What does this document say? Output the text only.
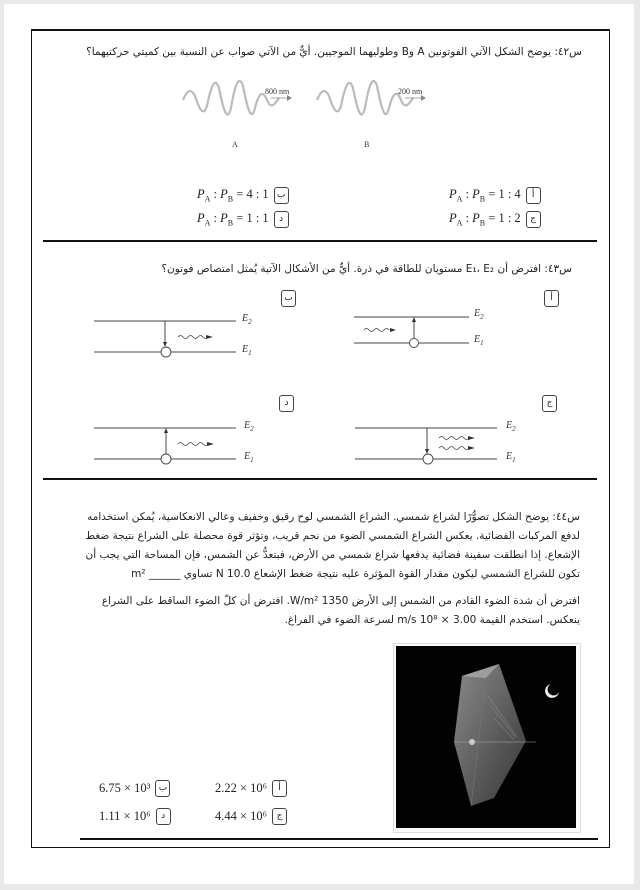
س٤٢: يوضح الشكل الآتي الفوتونين A وB وطوليهما الموجيين. أيٌّ من الآتي صواب عن النسبة بين كميتي حركتيهما؟
800 nm	200 nm
A	B
$P_A$ : $P_B = 1$ : 4	أ
$P_A$ : $P_B = 4$ : 1 ب
$P_A$ : $P_B = 1$ : 2	ج
$P_A$ : $P_B = 1$ : 1	د
س٤٣: افترض أن E₁، E₂ مستويان للطاقة في ذرة. أيٌّ من الأشكال الآتية يُمثل امتصاص فوتون؟
أ
ب
ج
د
$E_2$
$E_1$
$E_2$
$E_1$
$E_2$
$E_1$
$E_2$
$E_1$
س٤٤: يوضح الشكل تصوُّرًا لشراع شمسي. الشراع الشمسي لوح رقيق وخفيف وعالي الانعكاسية، يُمكن استخدامه لدفع المركبات الفضائية. يعكس الشراع الشمسي الضوء من نجم قريب، وتؤثر قوة محصلة على الشراع نتيجة ضغط الإشعاع. إذا انطلقت سفينة فضائية يدفعها شراع شمسي من الأرض، فبتعدُّ عن الشمس، فإن المساحة التي يجب أن تكون للشراع الشمسي ليكون مقدار القوة المؤثرة عليه نتيجة ضغط الإشعاع 10.0 N تساوي ______ m²
افترض أن شدة الضوء القادم من الشمس إلى الأرض 1350 W/m². افترض أن كلّ الضوء الساقط على الشراع ينعكس. استخدم القيمة 3.00 × 10⁸ m/s لسرعة الضوء في الفراغ.
2.22 × 10⁶	أ
6.75 × 10³ ب
4.44 × 10⁶	ج
1.11 × 10⁶	د
